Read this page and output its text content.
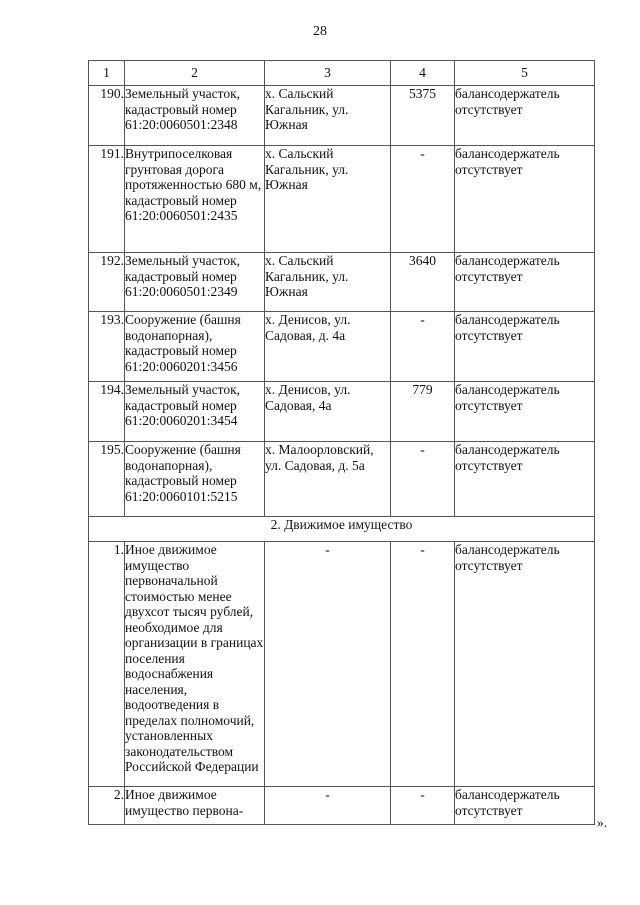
28
1	2	3	4	5
190.	Земельный участок, кадастровый номер 61:20:0060501:2348	х. Сальский Кагальник, ул. Южная	5375	балансодержатель отсутствует
191.	Внутрипоселковая грунтовая дорога протяженностью 680 м, кадастровый номер 61:20:0060501:2435	х. Сальский Кагальник, ул. Южная	-	балансодержатель отсутствует
192.	Земельный участок, кадастровый номер 61:20:0060501:2349	х. Сальский Кагальник, ул. Южная	3640	балансодержатель отсутствует
193.	Сооружение (башня водонапорная), кадастровый номер 61:20:0060201:3456	х. Денисов, ул. Садовая, д. 4а	-	балансодержатель отсутствует
194.	Земельный участок, кадастровый номер 61:20:0060201:3454	х. Денисов, ул. Садовая, 4а	779	балансодержатель отсутствует
195.	Сооружение (башня водонапорная), кадастровый номер 61:20:0060101:5215	х. Малоорловский, ул. Садовая, д. 5а	-	балансодержатель отсутствует
2. Движимое имущество				
1.	Иное движимое имущество первоначальной стоимостью менее двухсот тысяч рублей, необходимое для организации в границах поселения водоснабжения населения, водоотведения в пределах полномочий, установленных законодательством Российской Федерации	-	-	балансодержатель отсутствует
2.	Иное движимое имущество первона-	-	-	балансодержатель отсутствует
».
